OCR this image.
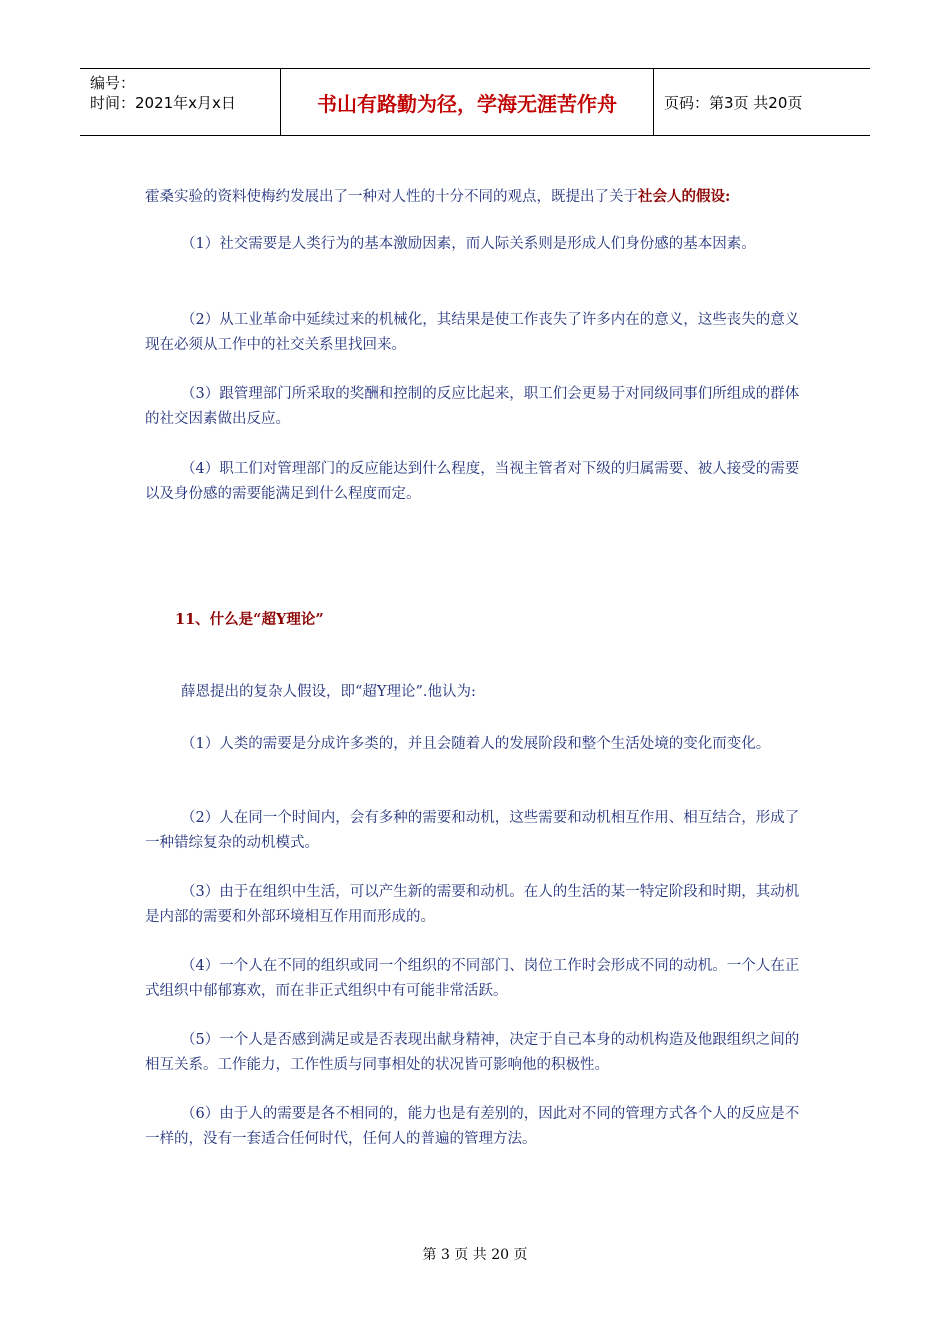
编号：
时间：2021年x月x日	书山有路勤为径，学海无涯苦作舟	页码：第3页 共20页

霍桑实验的资料使梅约发展出了一种对人性的十分不同的观点，既提出了关于社会人的假设:

（1）社交需要是人类行为的基本激励因素，而人际关系则是形成人们身份感的基本因素。

（2）从工业革命中延续过来的机械化，其结果是使工作丧失了许多内在的意义，这些丧失的意义现在必须从工作中的社交关系里找回来。

（3）跟管理部门所采取的奖酬和控制的反应比起来，职工们会更易于对同级同事们所组成的群体的社交因素做出反应。

（4）职工们对管理部门的反应能达到什么程度，当视主管者对下级的归属需要、被人接受的需要以及身份感的需要能满足到什么程度而定。

11、什么是“超Y理论”

薛恩提出的复杂人假设，即“超Y理论”.他认为:

（1）人类的需要是分成许多类的，并且会随着人的发展阶段和整个生活处境的变化而变化。

（2）人在同一个时间内，会有多种的需要和动机，这些需要和动机相互作用、相互结合，形成了一种错综复杂的动机模式。

（3）由于在组织中生活，可以产生新的需要和动机。在人的生活的某一特定阶段和时期，其动机是内部的需要和外部环境相互作用而形成的。

（4）一个人在不同的组织或同一个组织的不同部门、岗位工作时会形成不同的动机。一个人在正式组织中郁郁寡欢，而在非正式组织中有可能非常活跃。

（5）一个人是否感到满足或是否表现出献身精神，决定于自己本身的动机构造及他跟组织之间的相互关系。工作能力，工作性质与同事相处的状况皆可影响他的积极性。

（6）由于人的需要是各不相同的，能力也是有差别的，因此对不同的管理方式各个人的反应是不一样的，没有一套适合任何时代，任何人的普遍的管理方法。

第 3 页 共 20 页
